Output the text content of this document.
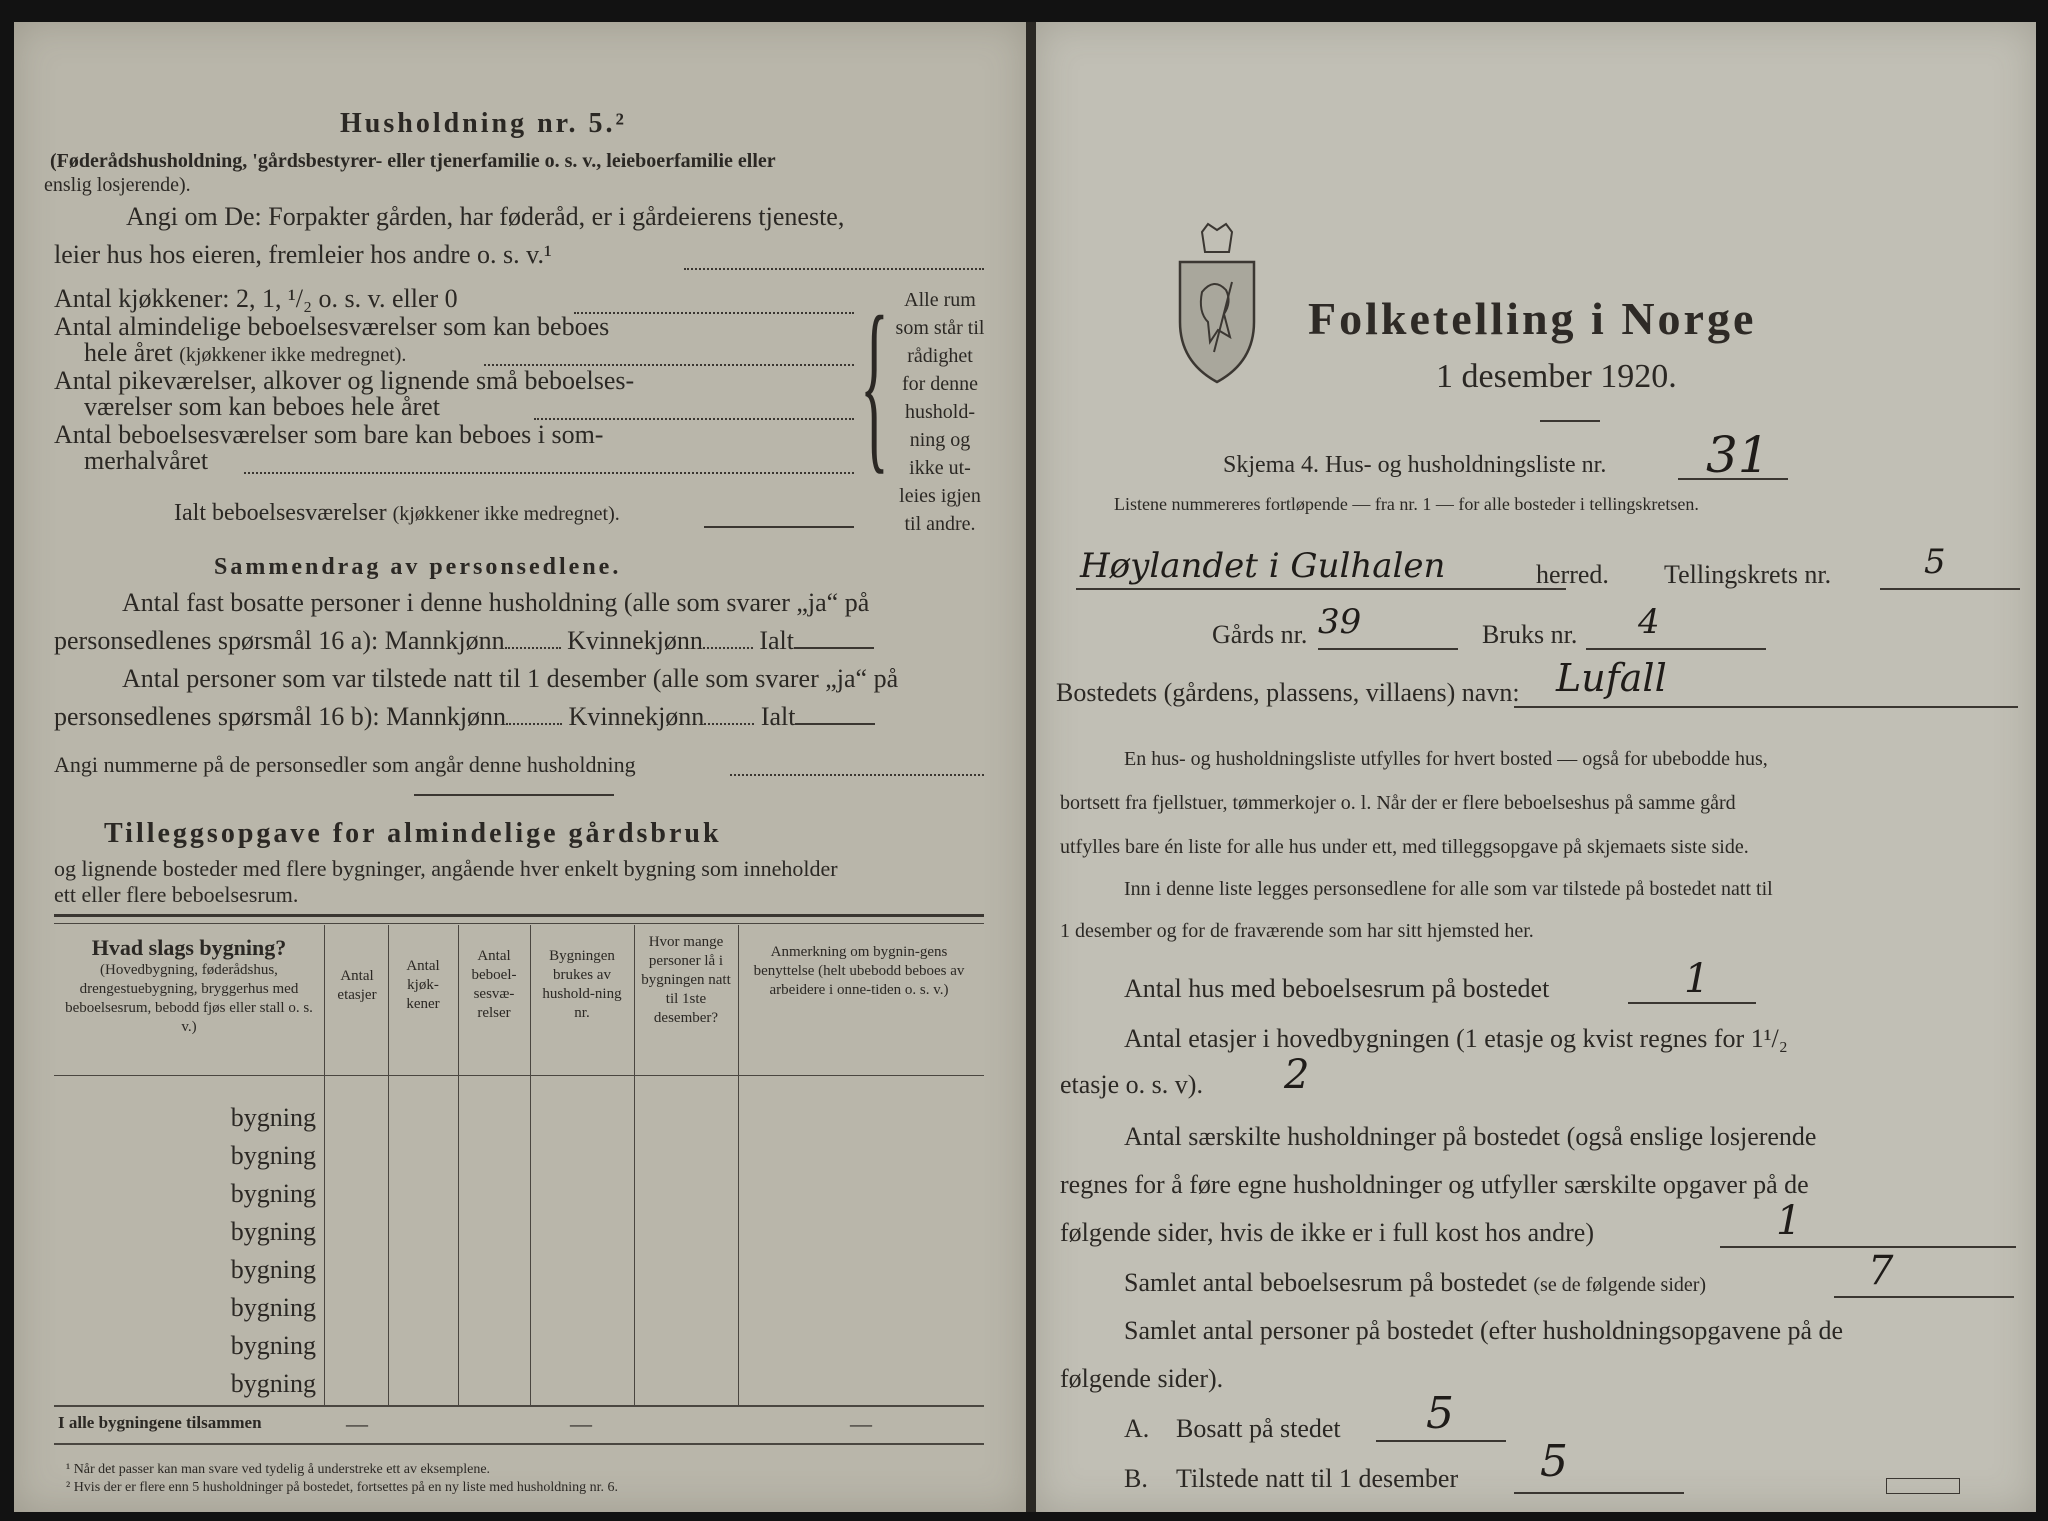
Husholdning nr. 5.²
(Føderådshusholdning, 'gårdsbestyrer- eller tjenerfamilie o. s. v., leieboerfamilie eller
enslig losjerende).
Angi om De: Forpakter gården, har føderåd, er i gårdeierens tjeneste,
leier hus hos eieren, fremleier hos andre o. s. v.¹
Antal kjøkkener: 2, 1, ¹/₂ o. s. v. eller 0
Antal almindelige beboelsesværelser som kan beboes
hele året (kjøkkener ikke medregnet).
Antal pikeværelser, alkover og lignende små beboelses-
værelser som kan beboes hele året
Antal beboelsesværelser som bare kan beboes i som-
merhalvåret
Ialt beboelsesværelser (kjøkkener ikke medregnet).
{ Alle rum
som står til
rådighet
for denne
hushold-
ning og
ikke ut-
leies igjen
til andre.
Sammendrag av personsedlene.
Antal fast bosatte personer i denne husholdning (alle som svarer „ja“ på
personsedlenes spørsmål 16 a): Mannkjønn Kvinnekjønn Ialt
Antal personer som var tilstede natt til 1 desember (alle som svarer „ja“ på
personsedlenes spørsmål 16 b): Mannkjønn Kvinnekjønn Ialt
Angi nummerne på de personsedler som angår denne husholdning
Tilleggsopgave for almindelige gårdsbruk
og lignende bosteder med flere bygninger, angående hver enkelt bygning som inneholder
ett eller flere beboelsesrum.
Hvad slags bygning?
(Hovedbygning, føderådshus, drengestuebygning, bryggerhus med beboelsesrum, bebodd fjøs eller stall o. s. v.)
Antal etasjer
Antal kjøk-kener
Antal beboel-sesvæ-relser
Bygningen brukes av hushold-ning nr.
Hvor mange personer lå i bygningen natt til 1ste desember?
Anmerkning om bygnin-gens benyttelse (helt ubebodd beboes av arbeidere i onne-tiden o. s. v.)
bygning
bygning
bygning
bygning
bygning
bygning
bygning
bygning
I alle bygningene tilsammen	—	—	—
¹ Når det passer kan man svare ved tydelig å understreke ett av eksemplene.
² Hvis der er flere enn 5 husholdninger på bostedet, fortsettes på en ny liste med husholdning nr. 6.
Folketelling i Norge
1 desember 1920.
Skjema 4. Hus- og husholdningsliste nr. 31
Listene nummereres fortløpende — fra nr. 1 — for alle bosteder i tellingskretsen.
Høylandet i Gulhalen	herred. Tellingskrets nr.	5
Gårds nr. 39	Bruks nr. 4
Bostedets (gårdens, plassens, villaens) navn: Lufall
En hus- og husholdningsliste utfylles for hvert bosted — også for ubebodde hus,
bortsett fra fjellstuer, tømmerkojer o. l. Når der er flere beboelseshus på samme gård
utfylles bare én liste for alle hus under ett, med tilleggsopgave på skjemaets siste side.
Inn i denne liste legges personsedlene for alle som var tilstede på bostedet natt til
1 desember og for de fraværende som har sitt hjemsted her.
Antal hus med beboelsesrum på bostedet	1
Antal etasjer i hovedbygningen (1 etasje og kvist regnes for 1¹/₂
etasje o. s. v). 2
Antal særskilte husholdninger på bostedet (også enslige losjerende
regnes for å føre egne husholdninger og utfyller særskilte opgaver på de
følgende sider, hvis de ikke er i full kost hos andre)	1
Samlet antal beboelsesrum på bostedet (se de følgende sider)	7
Samlet antal personer på bostedet (efter husholdningsopgavene på de
følgende sider).
A. Bosatt på stedet 5
B. Tilstede natt til 1 desember 5
